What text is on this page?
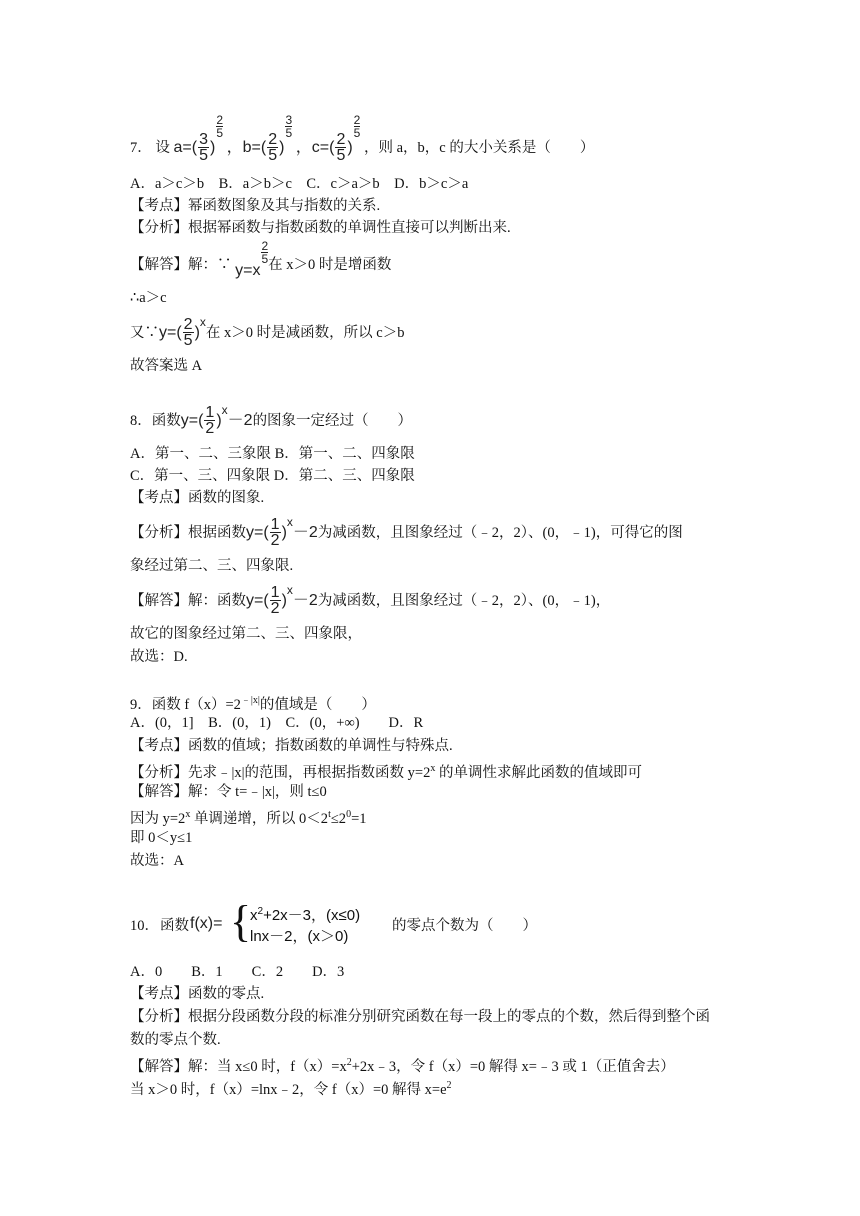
7． 设 $a=( \frac{3}{5}$ )
$\frac{2}{5}$
，$b=( \frac{2}{5}$ )
$\frac{3}{5}$
，$c=( \frac{2}{5}$ )
$\frac{2}{5}$
，则 a，b，c 的大小关系是（　　）
A．a＞c＞b　B．a＞b＞c　C．c＞a＞b　D．b＞c＞a
【考点】幂函数图象及其与指数的关系.
【分析】根据幂函数与指数函数的单调性直接可以判断出来.
【解答】解：∵ y=x
$\frac{2}{5}$ 在 x＞0 时是增函数
∴a＞c
又∵y=( $\frac{2}{5} )^x$在 x＞0 时是减函数，所以 c＞b
故答案选 A
8．函数$y=( \frac{1}{2} )^x-2$的图象一定经过（　　）
A．第一、二、三象限 B．第一、二、四象限
C．第一、三、四象限 D．第二、三、四象限
【考点】函数的图象.
【分析】根据函数$y=( \frac{1}{2} )^x-2$为减函数，且图象经过（﹣2，2）、(0，﹣1)，可得它的图
象经过第二、三、四象限.
【解答】解：函数$y=( \frac{1}{2} )^x-2$为减函数，且图象经过（﹣2，2）、(0，﹣1)，
故它的图象经过第二、三、四象限，
故选：D.
9．函数 $f(x)=2^{﹣|x|}$的值域是（　　）
A．(0，1]　B．(0，1)　C．(0，+∞)　　D．R
【考点】函数的值域；指数函数的单调性与特殊点.
【分析】先求﹣|x|的范围，再根据指数函数 $y=2^x$ 的单调性求解此函数的值域即可
【解答】解：令 t=﹣|x|，则 t≤0
因为 $y=2^x$ 单调递增，所以 $0<2^t\le 2^0=1$
即 0＜y≤1
故选：A
10． 函数 f(x)= {
$x^2+2x-3$，(x≤0)
lnx－2，(x＞0)
的零点个数为（　　）
A．0　　B．1　　C．2　　D．3
【考点】函数的零点.
【分析】根据分段函数分段的标准分别研究函数在每一段上的零点的个数，然后得到整个函
数的零点个数.
【解答】解：当 x≤0 时，$f(x)=x^2+2x﹣3$，令 f（x）=0 解得 x=﹣3 或 1（正值舍去）
当 x＞0 时，f（x）=lnx﹣2，令 f（x）=0 解得 $x=e^2$
